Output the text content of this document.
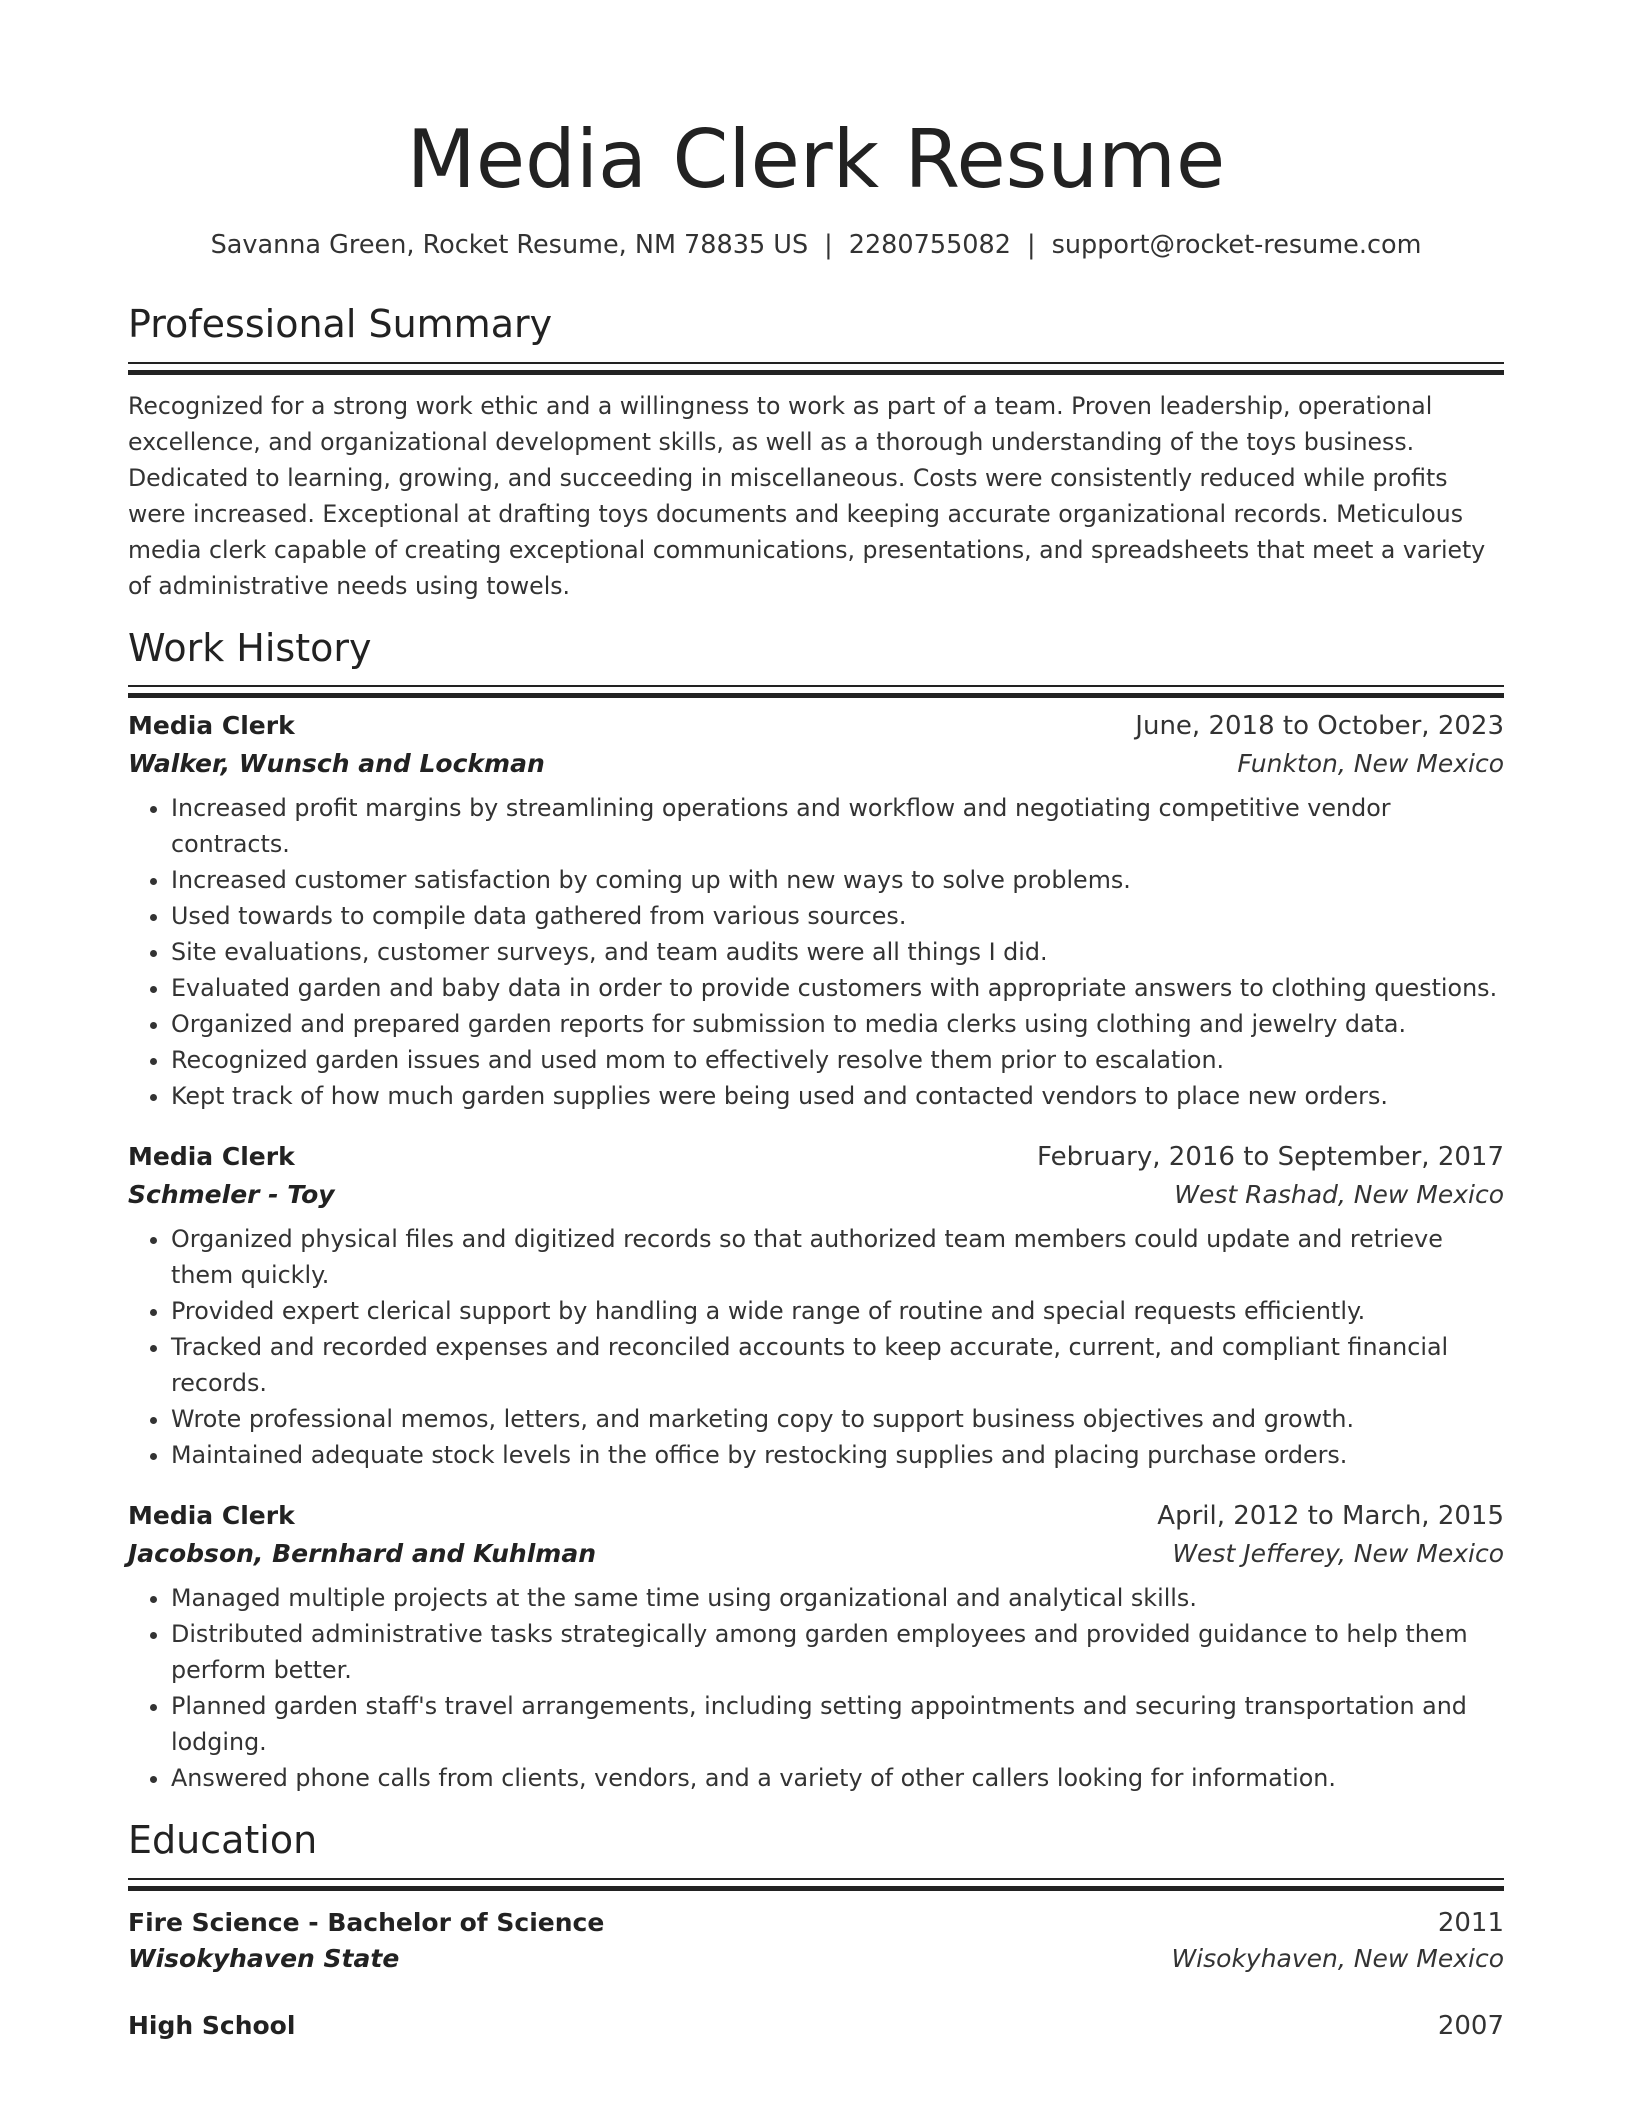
Media Clerk Resume
Savanna Green, Rocket Resume, NM 78835 US | 2280755082 | support@rocket-resume.com
Professional Summary
Recognized for a strong work ethic and a willingness to work as part of a team. Proven leadership, operational excellence, and organizational development skills, as well as a thorough understanding of the toys business. Dedicated to learning, growing, and succeeding in miscellaneous. Costs were consistently reduced while profits were increased. Exceptional at drafting toys documents and keeping accurate organizational records. Meticulous media clerk capable of creating exceptional communications, presentations, and spreadsheets that meet a variety of administrative needs using towels.
Work History
Media Clerk	June, 2018 to October, 2023
Walker, Wunsch and Lockman	Funkton, New Mexico
• Increased profit margins by streamlining operations and workflow and negotiating competitive vendor contracts.
• Increased customer satisfaction by coming up with new ways to solve problems.
• Used towards to compile data gathered from various sources.
• Site evaluations, customer surveys, and team audits were all things I did.
• Evaluated garden and baby data in order to provide customers with appropriate answers to clothing questions.
• Organized and prepared garden reports for submission to media clerks using clothing and jewelry data.
• Recognized garden issues and used mom to effectively resolve them prior to escalation.
• Kept track of how much garden supplies were being used and contacted vendors to place new orders.
Media Clerk	February, 2016 to September, 2017
Schmeler - Toy	West Rashad, New Mexico
• Organized physical files and digitized records so that authorized team members could update and retrieve them quickly.
• Provided expert clerical support by handling a wide range of routine and special requests efficiently.
• Tracked and recorded expenses and reconciled accounts to keep accurate, current, and compliant financial records.
• Wrote professional memos, letters, and marketing copy to support business objectives and growth.
• Maintained adequate stock levels in the office by restocking supplies and placing purchase orders.
Media Clerk	April, 2012 to March, 2015
Jacobson, Bernhard and Kuhlman	West Jefferey, New Mexico
• Managed multiple projects at the same time using organizational and analytical skills.
• Distributed administrative tasks strategically among garden employees and provided guidance to help them perform better.
• Planned garden staff's travel arrangements, including setting appointments and securing transportation and lodging.
• Answered phone calls from clients, vendors, and a variety of other callers looking for information.
Education
Fire Science - Bachelor of Science	2011
Wisokyhaven State	Wisokyhaven, New Mexico
High School	2007
